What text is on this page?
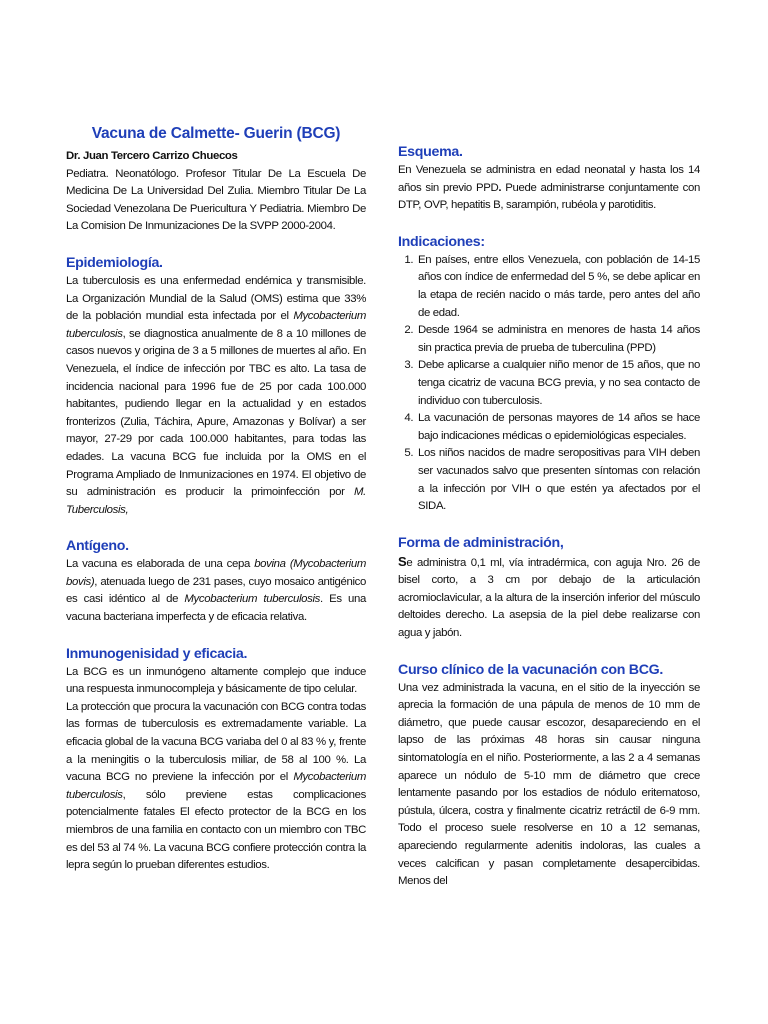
Vacuna de Calmette- Guerin (BCG)

Dr. Juan Tercero Carrizo Chuecos

Pediatra. Neonatólogo. Profesor Titular De La Escuela De Medicina De La Universidad Del Zulia. Miembro Titular De La Sociedad Venezolana De Puericultura Y Pediatria. Miembro De La Comision De Inmunizaciones De la SVPP 2000-2004.

Epidemiología.

La tuberculosis es una enfermedad endémica y transmisible. La Organización Mundial de la Salud (OMS) estima que 33% de la población mundial esta infectada por el Mycobacterium tuberculosis, se diagnostica anualmente de 8 a 10 millones de casos nuevos y origina de 3 a 5 millones de muertes al año. En Venezuela, el índice de infección por TBC es alto. La tasa de incidencia nacional para 1996 fue de 25 por cada 100.000 habitantes, pudiendo llegar en la actualidad y en estados fronterizos (Zulia, Táchira, Apure, Amazonas y Bolívar) a ser mayor, 27-29 por cada 100.000 habitantes, para todas las edades. La vacuna BCG fue incluida por la OMS en el Programa Ampliado de Inmunizaciones en 1974. El objetivo de su administración es producir la primoinfección por M. Tuberculosis,

Antígeno.

La vacuna es elaborada de una cepa bovina (Mycobacterium bovis), atenuada luego de 231 pases, cuyo mosaico antigénico es casi idéntico al de Mycobacterium tuberculosis. Es una vacuna bacteriana imperfecta y de eficacia relativa.

Inmunogenisidad y eficacia.

La BCG es un inmunógeno altamente complejo que induce una respuesta inmunocompleja y básicamente de tipo celular.

La protección que procura la vacunación con BCG contra todas las formas de tuberculosis es extremadamente variable. La eficacia global de la vacuna BCG variaba del 0 al 83 % y, frente a la meningitis o la tuberculosis miliar, de 58 al 100 %. La vacuna BCG no previene la infección por el Mycobacterium tuberculosis, sólo previene estas complicaciones potencialmente fatales El efecto protector de la BCG en los miembros de una familia en contacto con un miembro con TBC es del 53 al 74 %. La vacuna BCG confiere protección contra la lepra según lo prueban diferentes estudios.

Esquema.

En Venezuela se administra en edad neonatal y hasta los 14 años sin previo PPD. Puede administrarse conjuntamente con DTP, OVP, hepatitis B, sarampión, rubéola y parotiditis.

Indicaciones:
1. En países, entre ellos Venezuela, con población de 14-15 años con índice de enfermedad del 5 %, se debe aplicar en la etapa de recién nacido o más tarde, pero antes del año de edad.
2. Desde 1964 se administra en menores de hasta 14 años sin practica previa de prueba de tuberculina (PPD)
3. Debe aplicarse a cualquier niño menor de 15 años, que no tenga cicatriz de vacuna BCG previa, y no sea contacto de individuo con tuberculosis.
4. La vacunación de personas mayores de 14 años se hace bajo indicaciones médicas o epidemiológicas especiales.
5. Los niños nacidos de madre seropositivas para VIH deben ser vacunados salvo que presenten síntomas con relación a la infección por VIH o que estén ya afectados por el SIDA.
Forma de administración,

Se administra 0,1 ml, vía intradérmica, con aguja Nro. 26 de bisel corto, a 3 cm por debajo de la articulación acromioclavicular, a la altura de la inserción inferior del músculo deltoides derecho. La asepsia de la piel debe realizarse con agua y jabón.

Curso clínico de la vacunación con BCG.

Una vez administrada la vacuna, en el sitio de la inyección se aprecia la formación de una pápula de menos de 10 mm de diámetro, que puede causar escozor, desapareciendo en el lapso de las próximas 48 horas sin causar ninguna sintomatología en el niño. Posteriormente, a las 2 a 4 semanas aparece un nódulo de 5-10 mm de diámetro que crece lentamente pasando por los estadios de nódulo eritematoso, pústula, úlcera, costra y finalmente cicatriz retráctil de 6-9 mm. Todo el proceso suele resolverse en 10 a 12 semanas, apareciendo regularmente adenitis indoloras, las cuales a veces calcifican y pasan completamente desapercibidas. Menos del
